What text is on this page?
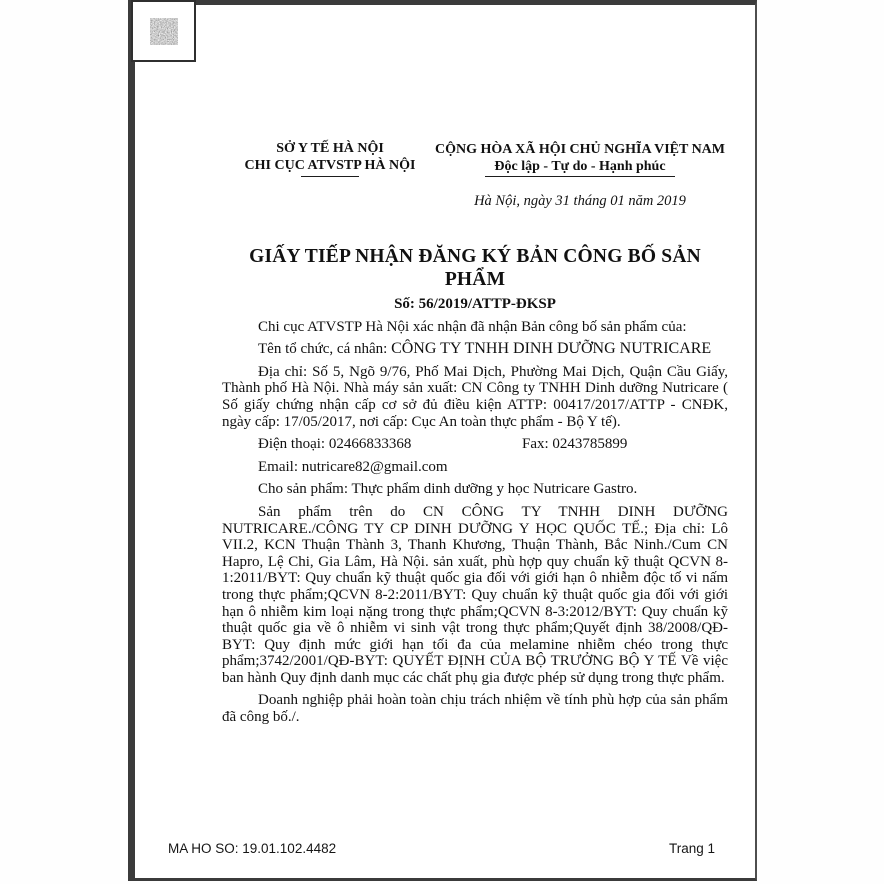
SỞ Y TẾ HÀ NỘI
CHI CỤC ATVSTP HÀ NỘI
CỘNG HÒA XÃ HỘI CHỦ NGHĨA VIỆT NAM
Độc lập - Tự do - Hạnh phúc
Hà Nội, ngày 31 tháng 01 năm 2019
GIẤY TIẾP NHẬN ĐĂNG KÝ BẢN CÔNG BỐ SẢN PHẨM
Số: 56/2019/ATTP-ĐKSP

Chi cục ATVSTP Hà Nội xác nhận đã nhận Bản công bố sản phẩm của:

Tên tổ chức, cá nhân: CÔNG TY TNHH DINH DƯỠNG NUTRICARE

Địa chỉ: Số 5, Ngõ 9/76, Phố Mai Dịch, Phường Mai Dịch, Quận Cầu Giấy, Thành phố Hà Nội. Nhà máy sản xuất: CN Công ty TNHH Dinh dưỡng Nutricare ( Số giấy chứng nhận cấp cơ sở đủ điều kiện ATTP: 00417/2017/ATTP - CNĐK, ngày cấp: 17/05/2017, nơi cấp: Cục An toàn thực phẩm - Bộ Y tế).

Điện thoại: 02466833368	Fax: 0243785899

Email: nutricare82@gmail.com

Cho sản phẩm: Thực phẩm dinh dưỡng y học Nutricare Gastro.

Sản phẩm trên do CN CÔNG TY TNHH DINH DƯỠNG NUTRICARE./CÔNG TY CP DINH DƯỠNG Y HỌC QUỐC TẾ.; Địa chỉ: Lô VII.2, KCN Thuận Thành 3, Thanh Khương, Thuận Thành, Bắc Ninh./Cum CN Hapro, Lệ Chi, Gia Lâm, Hà Nội. sản xuất, phù hợp quy chuẩn kỹ thuật QCVN 8-1:2011/BYT: Quy chuẩn kỹ thuật quốc gia đối với giới hạn ô nhiễm độc tố vi nấm trong thực phẩm;QCVN 8-2:2011/BYT: Quy chuẩn kỹ thuật quốc gia đối với giới hạn ô nhiễm kim loại nặng trong thực phẩm;QCVN 8-3:2012/BYT: Quy chuẩn kỹ thuật quốc gia về ô nhiễm vi sinh vật trong thực phẩm;Quyết định 38/2008/QĐ-BYT: Quy định mức giới hạn tối đa của melamine nhiễm chéo trong thực phẩm;3742/2001/QĐ-BYT: QUYẾT ĐỊNH CỦA BỘ TRƯỞNG BỘ Y TẾ Về việc ban hành Quy định danh mục các chất phụ gia được phép sử dụng trong thực phẩm.

Doanh nghiệp phải hoàn toàn chịu trách nhiệm về tính phù hợp của sản phẩm đã công bố./.

MA HO SO: 19.01.102.4482	Trang 1
